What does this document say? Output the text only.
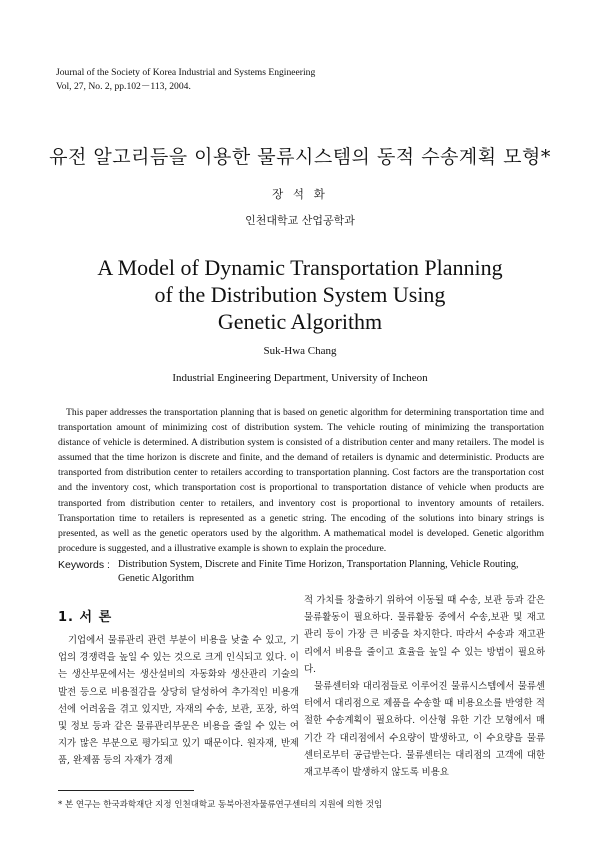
Journal of the Society of Korea Industrial and Systems Engineering
Vol, 27, No. 2, pp.102－113, 2004.
유전 알고리듬을 이용한 물류시스템의 동적 수송계획 모형*
장 석 화
인천대학교 산업공학과
A Model of Dynamic Transportation Planning
of the Distribution System Using
Genetic Algorithm
Suk-Hwa Chang
Industrial Engineering Department, University of Incheon
This paper addresses the transportation planning that is based on genetic algorithm for determining transportation time and transportation amount of minimizing cost of distribution system. The vehicle routing of minimizing the transportation distance of vehicle is determined. A distribution system is consisted of a distribution center and many retailers. The model is assumed that the time horizon is discrete and finite, and the demand of retailers is dynamic and deterministic. Products are transported from distribution center to retailers according to transportation planning. Cost factors are the transportation cost and the inventory cost, which transportation cost is proportional to transportation distance of vehicle when products are transported from distribution center to retailers, and inventory cost is proportional to inventory amounts of retailers. Transportation time to retailers is represented as a genetic string. The encoding of the solutions into binary strings is presented, as well as the genetic operators used by the algorithm. A mathematical model is developed. Genetic algorithm procedure is suggested, and a illustrative example is shown to explain the procedure.
Keywords : Distribution System, Discrete and Finite Time Horizon, Transportation Planning, Vehicle Routing, Genetic Algorithm
1. 서 론

기업에서 물류관리 관련 부분이 비용을 낮출 수 있고, 기업의 경쟁력을 높일 수 있는 것으로 크게 인식되고 있다. 이는 생산부문에서는 생산설비의 자동화와 생산관리 기술의 발전 등으로 비용절감을 상당히 달성하여 추가적인 비용개선에 어려움을 겪고 있지만, 자재의 수송, 보관, 포장, 하역 및 정보 등과 같은 물류관리부문은 비용을 줄일 수 있는 여지가 많은 부분으로 평가되고 있기 때문이다. 원자재, 반제품, 완제품 등의 자재가 경제

적 가치를 창출하기 위하여 이동될 때 수송, 보관 등과 같은 물류활동이 필요하다. 물류활동 중에서 수송,보관 및 재고관리 등이 가장 큰 비중을 차지한다. 따라서 수송과 재고관리에서 비용을 줄이고 효율을 높일 수 있는 방법이 필요하다.

물류센터와 대리점들로 이루어진 물류시스템에서 물류센터에서 대리점으로 제품을 수송할 때 비용요소를 반영한 적절한 수송계획이 필요하다. 이산형 유한 기간 모형에서 매 기간 각 대리점에서 수요량이 발생하고, 이 수요량을 물류센터로부터 공급받는다. 물류센터는 대리점의 고객에 대한 재고부족이 발생하지 않도록 비용요

* 본 연구는 한국과학재단 지정 인천대학교 동북아전자물류연구센터의 지원에 의한 것임
